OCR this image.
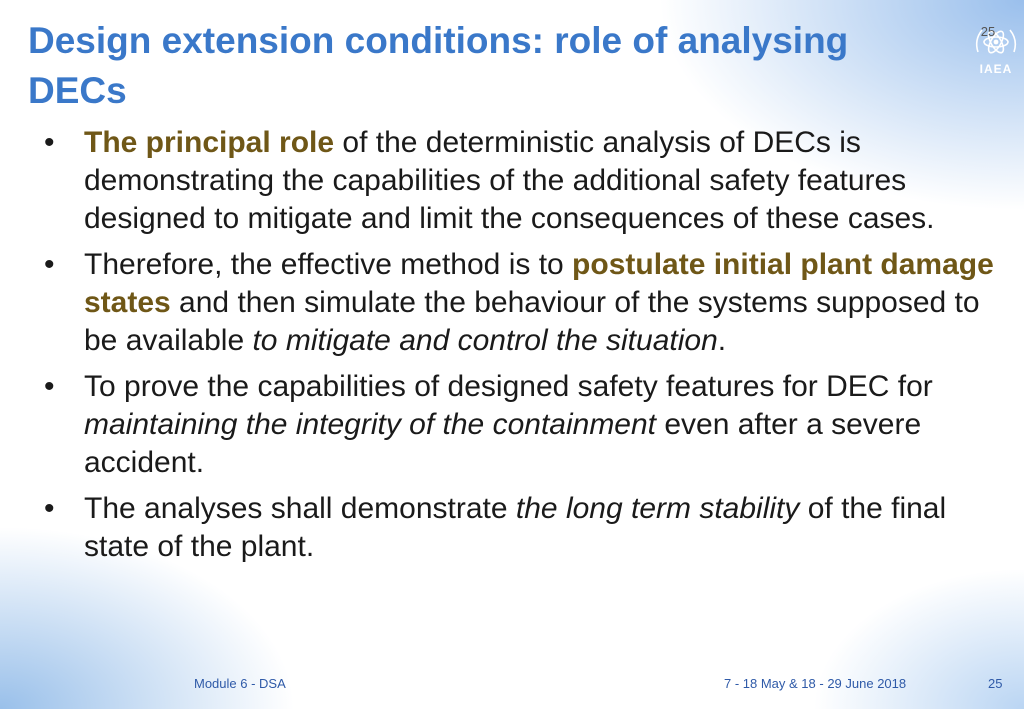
Design extension conditions: role of analysing DECs
IAEA
25
• The principal role of the deterministic analysis of DECs is demonstrating the capabilities of the additional safety features designed to mitigate and limit the consequences of these cases.
• Therefore, the effective method is to postulate initial plant damage states and then simulate the behaviour of the systems supposed to be available to mitigate and control the situation.
• To prove the capabilities of designed safety features for DEC for maintaining the integrity of the containment even after a severe accident.
• The analyses shall demonstrate the long term stability of the final state of the plant.
Module 6 - DSA	7 - 18 May & 18 - 29 June 2018	25
